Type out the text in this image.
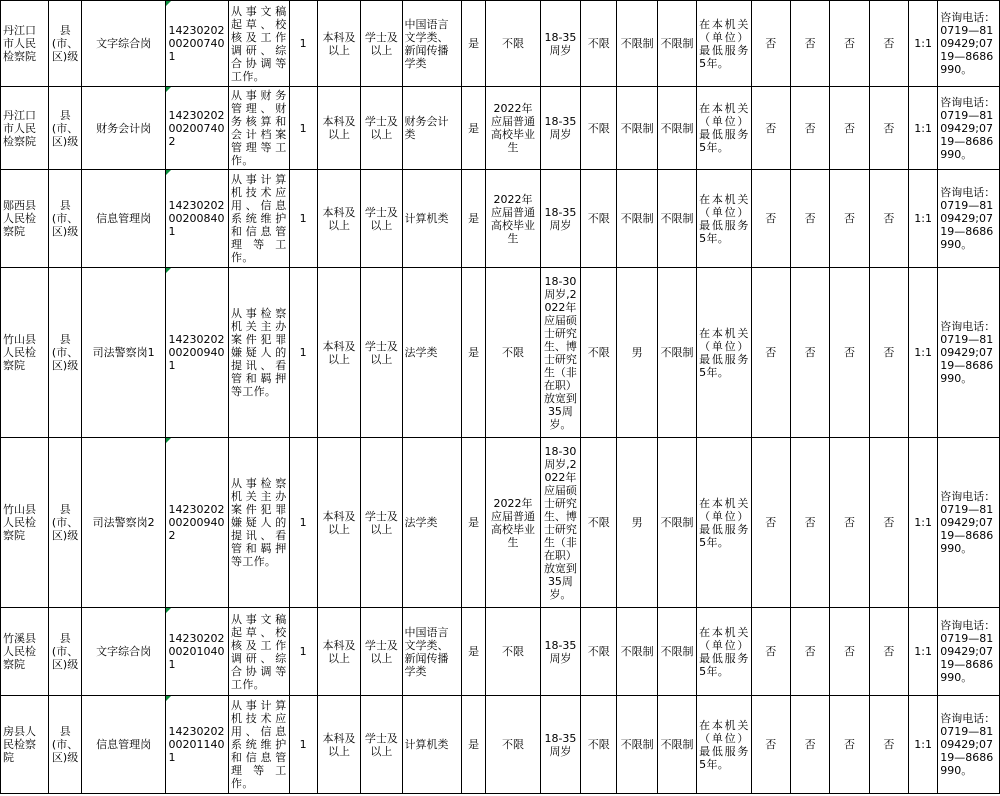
丹江口市人民检察院	县(市、区)级	文字综合岗	14230202002007401	从事文稿起草、校核及工作调研、综合协调等工作。	1	本科及以上	学士及以上	中国语言文学类、新闻传播学类	是	不限	18-35周岁	不限	不限制	不限制	在本机关（单位）最低服务5年。	否	否	否	否	1:1	咨询电话：0719—8109429;0719—8686990。
丹江口市人民检察院	县(市、区)级	财务会计岗	14230202002007402	从事财务管理、财务核算和会计档案管理等工作。	1	本科及以上	学士及以上	财务会计类	是	2022年应届普通高校毕业生	18-35周岁	不限	不限制	不限制	在本机关（单位）最低服务5年。	否	否	否	否	1:1	咨询电话：0719—8109429;0719—8686990。
郧西县人民检察院	县(市、区)级	信息管理岗	14230202002008401	从事计算机技术应用、信息系统维护和信息管理等工作。	1	本科及以上	学士及以上	计算机类	是	2022年应届普通高校毕业生	18-35周岁	不限	不限制	不限制	在本机关（单位）最低服务5年。	否	否	否	否	1:1	咨询电话：0719—8109429;0719—8686990。
竹山县人民检察院	县(市、区)级	司法警察岗1	14230202002009401	从事检察机关主办案件犯罪嫌疑人的提讯、看管和羁押等工作。	1	本科及以上	学士及以上	法学类	是	不限	18-30周岁,2022年应届硕士研究生、博士研究生（非在职）放宽到35周岁。	不限	男	不限制	在本机关（单位）最低服务5年。	否	否	否	否	1:1	咨询电话：0719—8109429;0719—8686990。
竹山县人民检察院	县(市、区)级	司法警察岗2	14230202002009402	从事检察机关主办案件犯罪嫌疑人的提讯、看管和羁押等工作。	1	本科及以上	学士及以上	法学类	是	2022年应届普通高校毕业生	18-30周岁,2022年应届硕士研究生、博士研究生（非在职）放宽到35周岁。	不限	男	不限制	在本机关（单位）最低服务5年。	否	否	否	否	1:1	咨询电话：0719—8109429;0719—8686990。
竹溪县人民检察院	县(市、区)级	文字综合岗	14230202002010401	从事文稿起草、校核及工作调研、综合协调等工作。	1	本科及以上	学士及以上	中国语言文学类、新闻传播学类	是	不限	18-35周岁	不限	不限制	不限制	在本机关（单位）最低服务5年。	否	否	否	否	1:1	咨询电话：0719—8109429;0719—8686990。
房县人民检察院	县(市、区)级	信息管理岗	14230202002011401	从事计算机技术应用、信息系统维护和信息管理等工作。	1	本科及以上	学士及以上	计算机类	是	不限	18-35周岁	不限	不限制	不限制	在本机关（单位）最低服务5年。	否	否	否	否	1:1	咨询电话：0719—8109429;0719—8686990。
